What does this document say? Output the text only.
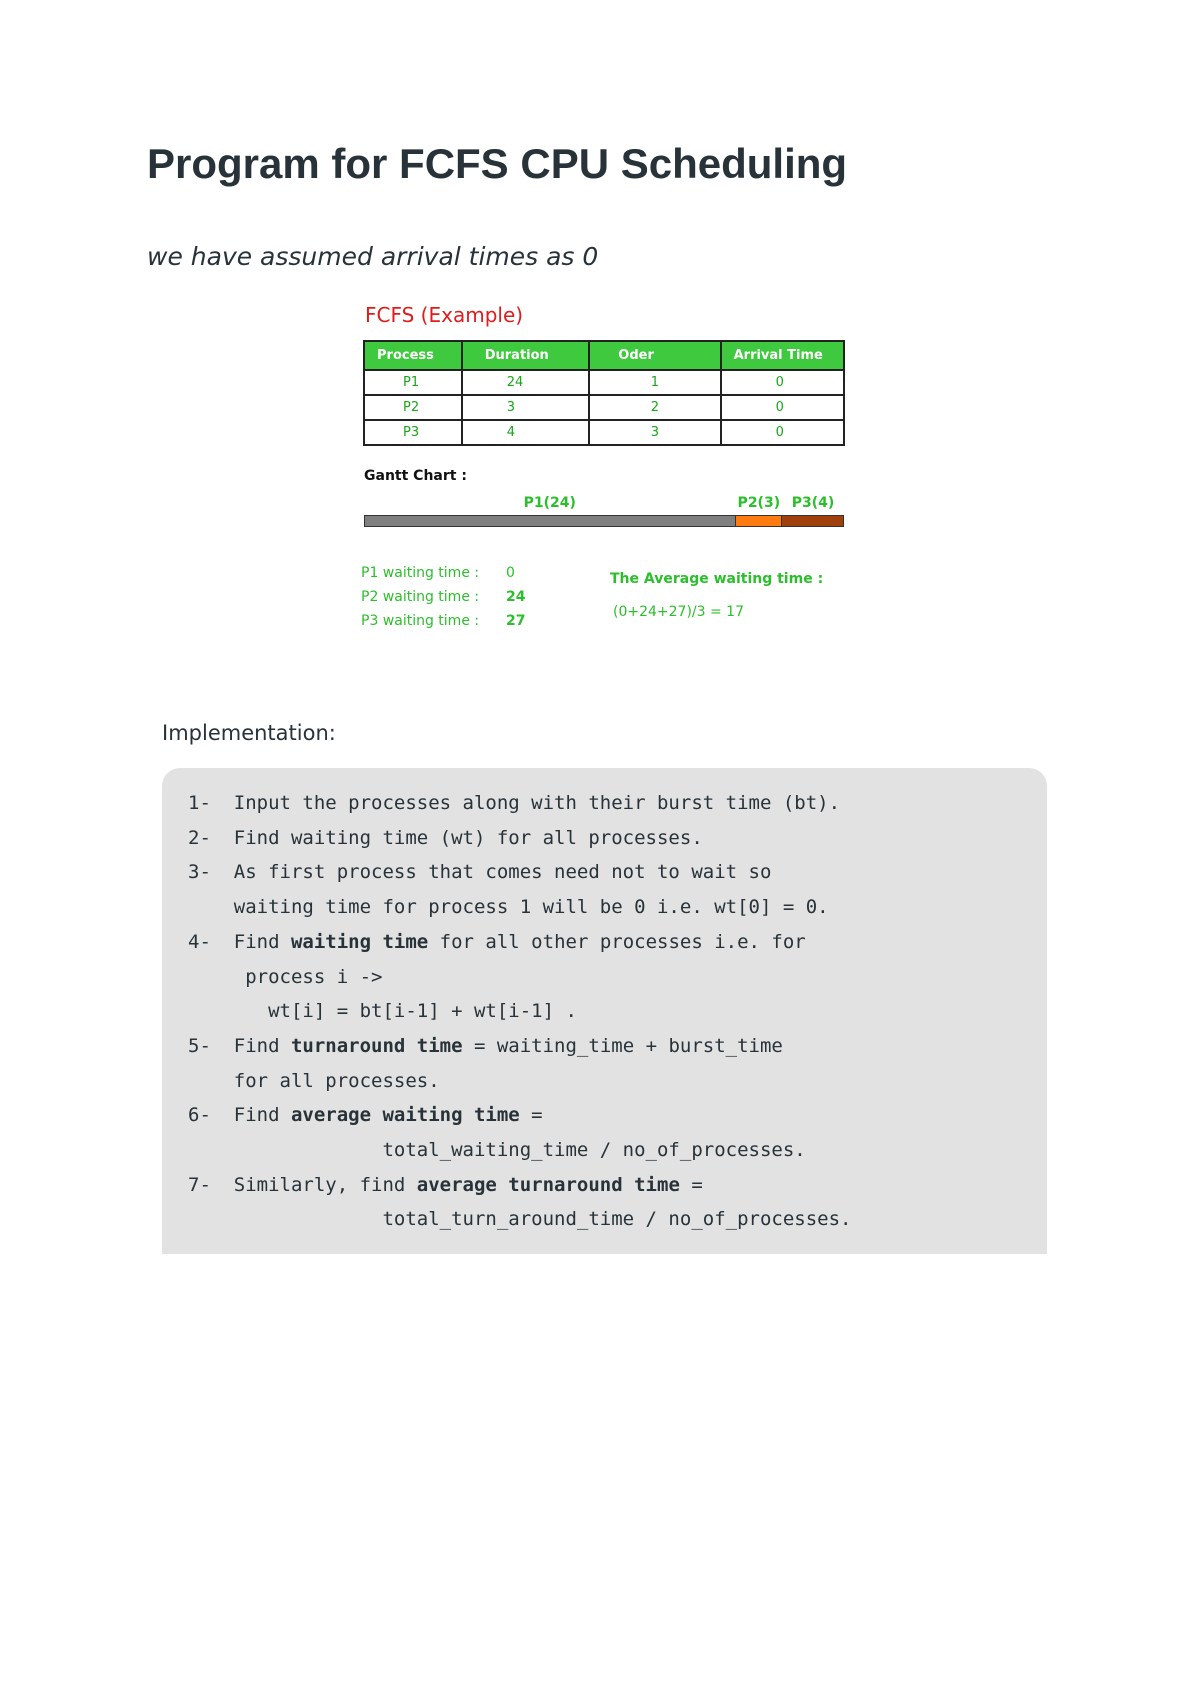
Program for FCFS CPU Scheduling

we have assumed arrival times as 0

FCFS (Example)
Process	Duration	Oder	Arrival Time
P1	24	1	0
P2	3	2	0
P3	4	3	0
Gantt Chart :
P1(24)	P2(3) P3(4)
P1 waiting time : 0
P2 waiting time : 24
P3 waiting time : 27
The Average waiting time :
(0+24+27)/3 = 17
Implementation:
1-  Input the processes along with their burst time (bt).
2-  Find waiting time (wt) for all processes.
3-  As first process that comes need not to wait so
waiting time for process 1 will be 0 i.e. wt[0] = 0.
4-  Find waiting time for all other processes i.e. for
process i ->
wt[i] = bt[i-1] + wt[i-1] .
5-  Find turnaround time = waiting_time + burst_time
for all processes.
6-  Find average waiting time =
total_waiting_time / no_of_processes.
7-  Similarly, find average turnaround time =
total_turn_around_time / no_of_processes.
